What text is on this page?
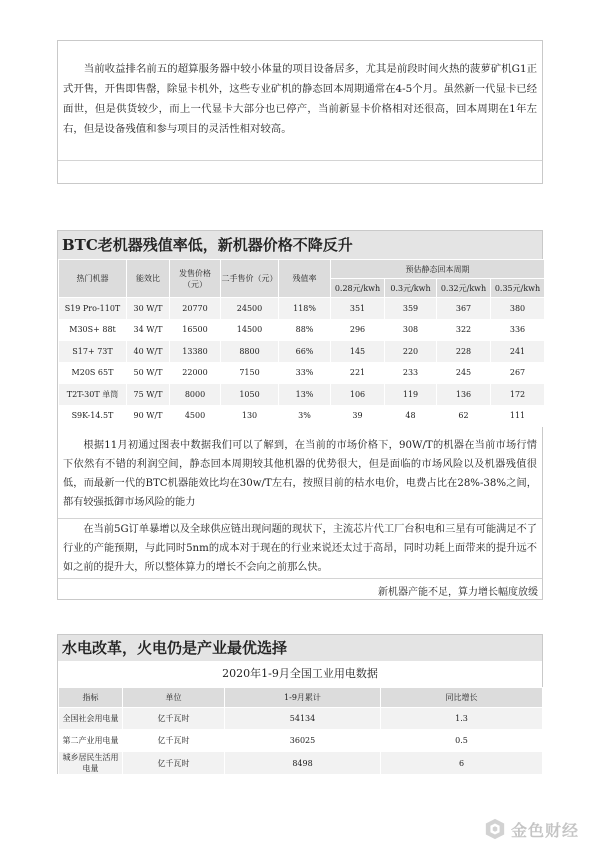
当前收益排名前五的超算服务器中较小体量的项目设备居多，尤其是前段时间火热的菠萝矿机G1正式开售，开售即售罄，除显卡机外，这些专业矿机的静态回本周期通常在4-5个月。虽然新一代显卡已经面世，但是供货较少，而上一代显卡大部分也已停产，当前新显卡价格相对还很高，回本周期在1年左右，但是设备残值和参与项目的灵活性相对较高。

BTC老机器残值率低，新机器价格不降反升
热门机器	能效比	发售价格（元）	二手售价（元）	残值率	预估静态回本周期			
					0.28元/kwh	0.3元/kwh	0.32元/kwh	0.35元/kwh
S19 Pro-110T	30 W/T	20770	24500	118%	351	359	367	380
M30S+ 88t	34 W/T	16500	14500	88%	296	308	322	336
S17+ 73T	40 W/T	13380	8800	66%	145	220	228	241
M20S 65T	50 W/T	22000	7150	33%	221	233	245	267
T2T-30T 单筒	75 W/T	8000	1050	13%	106	119	136	172
S9K-14.5T	90 W/T	4500	130	3%	39	48	62	111

根据11月初通过图表中数据我们可以了解到，在当前的市场价格下，90W/T的机器在当前市场行情下依然有不错的利润空间，静态回本周期较其他机器的优势很大，但是面临的市场风险以及机器残值很低，而最新一代的BTC机器能效比均在30w/T左右，按照目前的枯水电价，电费占比在28%-38%之间，都有较强抵御市场风险的能力

在当前5G订单暴增以及全球供应链出现问题的现状下，主流芯片代工厂台积电和三星有可能满足不了行业的产能预期，与此同时5nm的成本对于现在的行业来说还太过于高昂，同时功耗上面带来的提升远不如之前的提升大，所以整体算力的增长不会向之前那么快。

新机器产能不足，算力增长幅度放缓
水电改革，火电仍是产业最优选择
2020年1-9月全国工业用电数据
指标	单位	1-9月累计	同比增长
全国社会用电量	亿千瓦时	54134	1.3
第二产业用电量	亿千瓦时	36025	0.5
城乡居民生活用电量	亿千瓦时	8498	6
金色财经
